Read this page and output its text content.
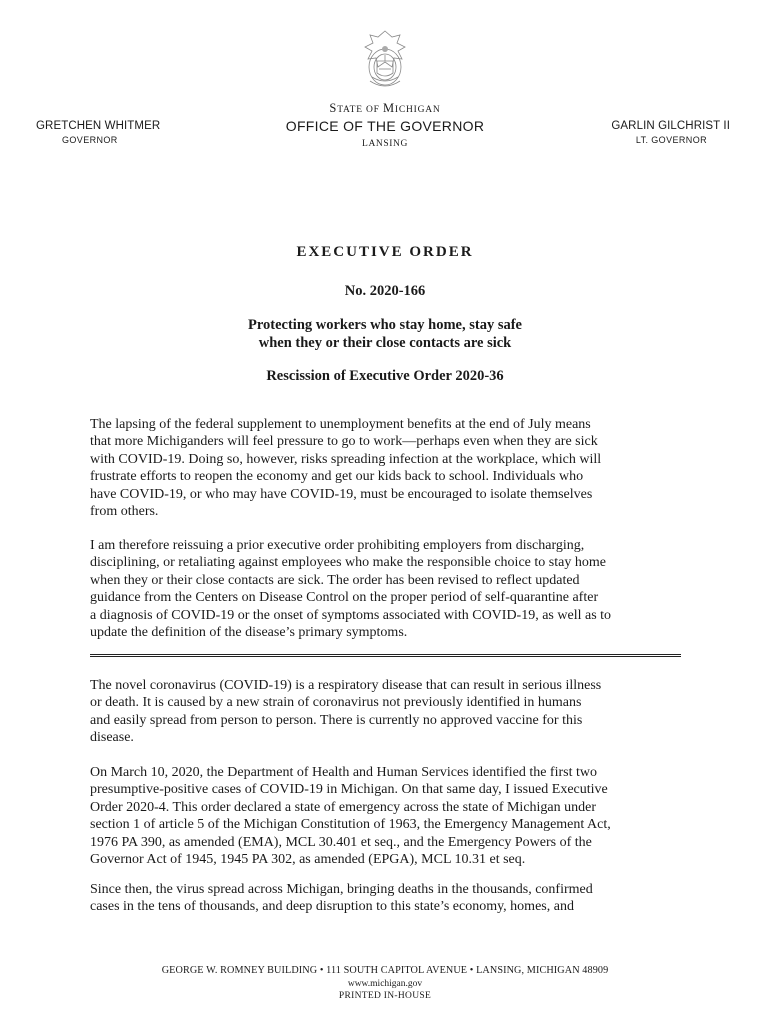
STATE OF MICHIGAN
GRETCHEN WHITMER
GOVERNOR
OFFICE OF THE GOVERNOR
LANSING
GARLIN GILCHRIST II
LT. GOVERNOR
EXECUTIVE ORDER
No. 2020-166
Protecting workers who stay home, stay safe
when they or their close contacts are sick
Rescission of Executive Order 2020-36

The lapsing of the federal supplement to unemployment benefits at the end of July means
that more Michiganders will feel pressure to go to work—perhaps even when they are sick
with COVID-19. Doing so, however, risks spreading infection at the workplace, which will
frustrate efforts to reopen the economy and get our kids back to school. Individuals who
have COVID-19, or who may have COVID-19, must be encouraged to isolate themselves
from others.

I am therefore reissuing a prior executive order prohibiting employers from discharging,
disciplining, or retaliating against employees who make the responsible choice to stay home
when they or their close contacts are sick. The order has been revised to reflect updated
guidance from the Centers on Disease Control on the proper period of self-quarantine after
a diagnosis of COVID-19 or the onset of symptoms associated with COVID-19, as well as to
update the definition of the disease’s primary symptoms.

The novel coronavirus (COVID-19) is a respiratory disease that can result in serious illness
or death. It is caused by a new strain of coronavirus not previously identified in humans
and easily spread from person to person. There is currently no approved vaccine for this
disease.

On March 10, 2020, the Department of Health and Human Services identified the first two
presumptive-positive cases of COVID-19 in Michigan. On that same day, I issued Executive
Order 2020-4. This order declared a state of emergency across the state of Michigan under
section 1 of article 5 of the Michigan Constitution of 1963, the Emergency Management Act,
1976 PA 390, as amended (EMA), MCL 30.401 et seq., and the Emergency Powers of the
Governor Act of 1945, 1945 PA 302, as amended (EPGA), MCL 10.31 et seq.

Since then, the virus spread across Michigan, bringing deaths in the thousands, confirmed
cases in the tens of thousands, and deep disruption to this state’s economy, homes, and

GEORGE W. ROMNEY BUILDING • 111 SOUTH CAPITOL AVENUE • LANSING, MICHIGAN 48909
www.michigan.gov
PRINTED IN-HOUSE
